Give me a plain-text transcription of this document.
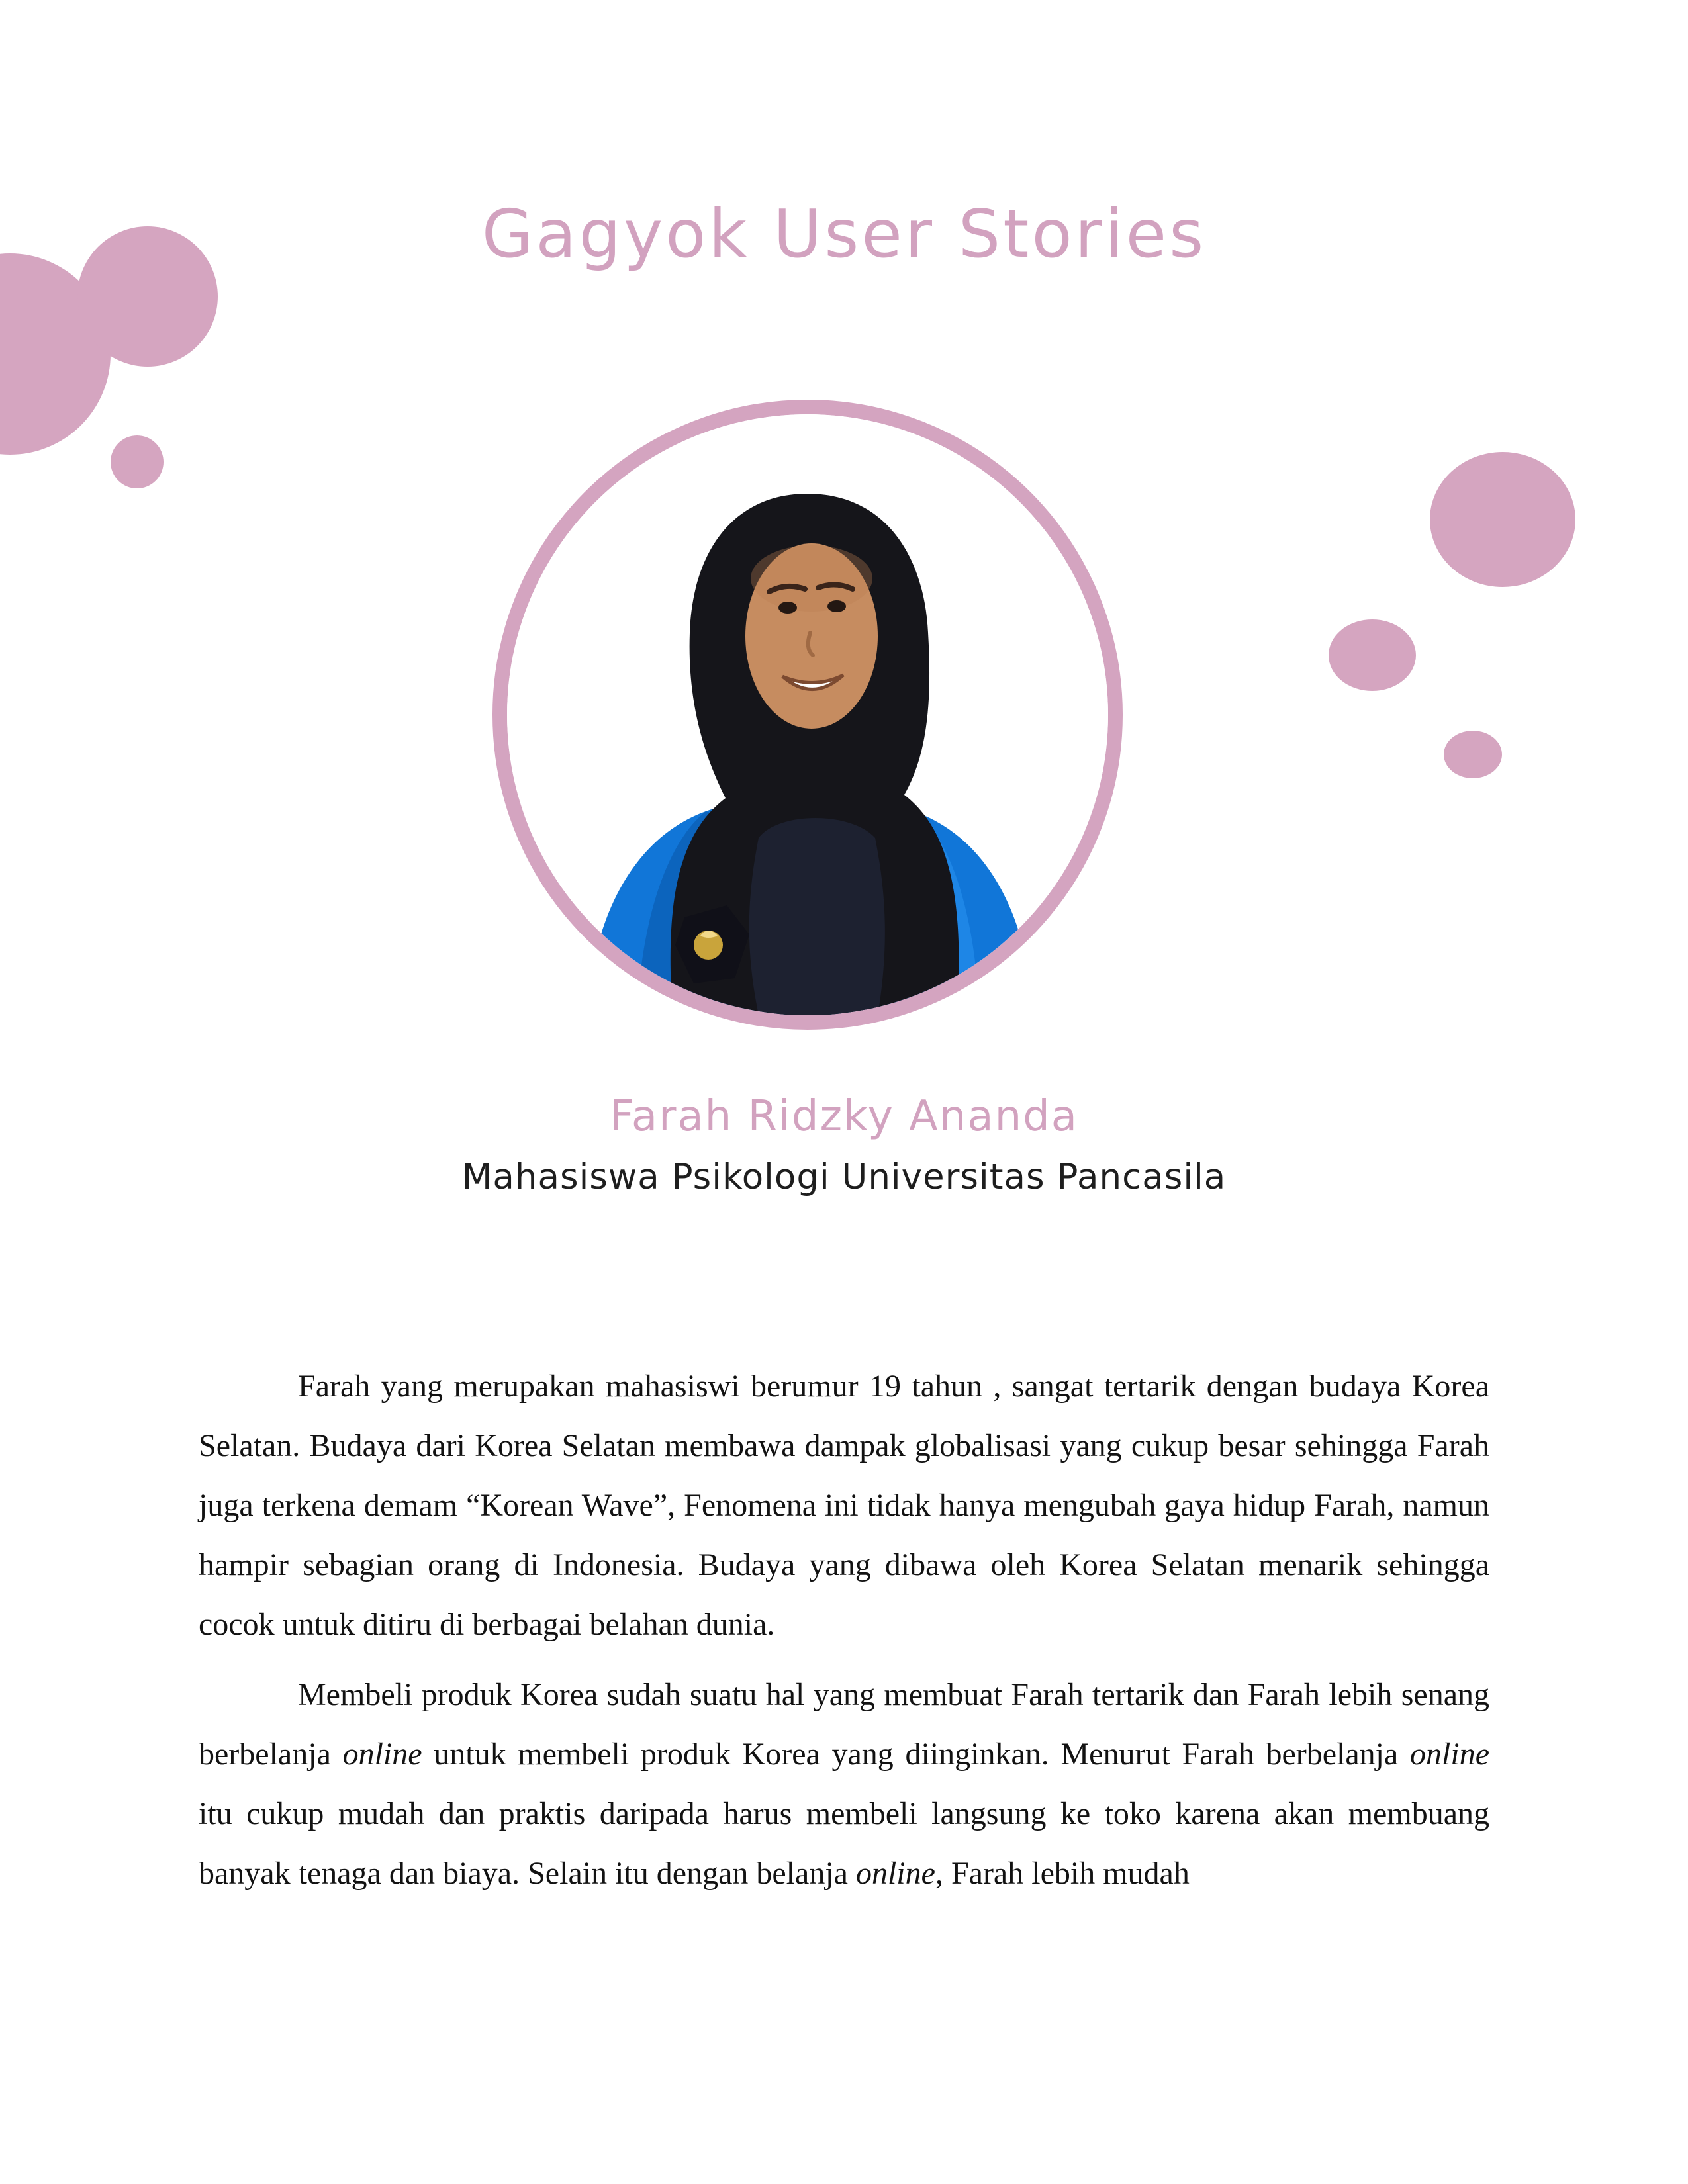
Gagyok User Stories
Farah Ridzky Ananda
Mahasiswa Psikologi Universitas Pancasila

Farah yang merupakan mahasiswi berumur 19 tahun , sangat tertarik dengan budaya Korea Selatan. Budaya dari Korea Selatan membawa dampak globalisasi yang cukup besar sehingga Farah juga terkena demam “Korean Wave”, Fenomena ini tidak hanya mengubah gaya hidup Farah, namun hampir sebagian orang di Indonesia. Budaya yang dibawa oleh Korea Selatan menarik sehingga cocok untuk ditiru di berbagai belahan dunia.

Membeli produk Korea sudah suatu hal yang membuat Farah tertarik dan Farah lebih senang berbelanja online untuk membeli produk Korea yang diinginkan. Menurut Farah berbelanja online itu cukup mudah dan praktis daripada harus membeli langsung ke toko karena akan membuang banyak tenaga dan biaya. Selain itu dengan belanja online, Farah lebih mudah
